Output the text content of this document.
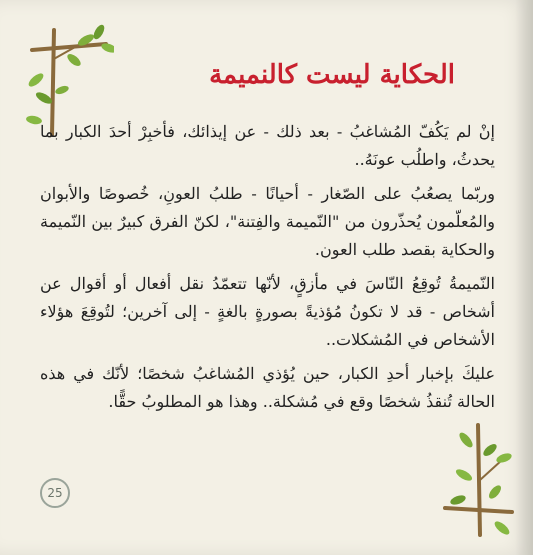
الحكاية ليست كالنميمة

إنْ لم يَكُفّ المُشاغبُ - بعد ذلك - عن إيذائك، فأخبِرْ أحدَ الكبار بما يحدثُ، واطلُب عونَهُ..

وربّما يصعُبُ على الصّغار - أحيانًا - طلبُ العونِ، خُصوصًا والأبوان والمُعلّمون يُحذّرون من "النّميمة والفِتنة"، لكنّ الفرق كبيرٌ بين النّميمة والحكاية بقصد طلب العون.

النّميمةُ تُوقِعُ النّاسَ في مأزقٍ، لأنّها تتعمّدُ نقل أفعال أو أقوال عن أشخاص - قد لا تكونُ مُؤذيةً بصورةٍ بالغةٍ - إلى آخرين؛ لتُوقِعَ هؤلاء الأشخاص في المُشكلات..

عليكَ بإخبار أحدِ الكبار، حين يُؤذي المُشاغبُ شخصًا؛ لأنّك في هذه الحالة تُنقذُ شخصًا وقع في مُشكلة.. وهذا هو المطلوبُ حقًّا.

25
